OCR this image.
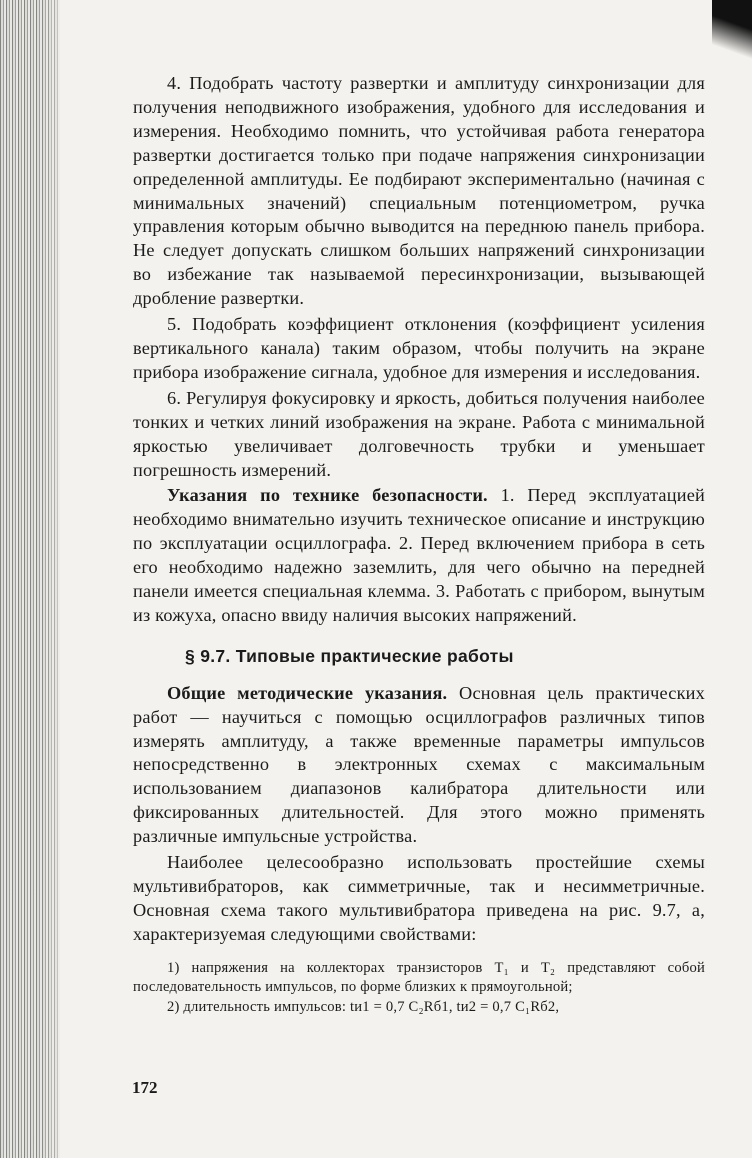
4. Подобрать частоту развертки и амплитуду синхронизации для получения неподвижного изображения, удобного для исследования и измерения. Необходимо помнить, что устойчивая работа генератора развертки достигается только при подаче напряжения синхронизации определенной амплитуды. Ее подбирают экспериментально (начиная с минимальных значений) специальным потенциометром, ручка управления которым обычно выводится на переднюю панель прибора. Не следует допускать слишком больших напряжений синхронизации во избежание так называемой пересинхронизации, вызывающей дробление развертки.

5. Подобрать коэффициент отклонения (коэффициент усиления вертикального канала) таким образом, чтобы получить на экране прибора изображение сигнала, удобное для измерения и исследования.

6. Регулируя фокусировку и яркость, добиться получения наиболее тонких и четких линий изображения на экране. Работа с минимальной яркостью увеличивает долговечность трубки и уменьшает погрешность измерений.

Указания по технике безопасности. 1. Перед эксплуатацией необходимо внимательно изучить техническое описание и инструкцию по эксплуатации осциллографа. 2. Перед включением прибора в сеть его необходимо надежно заземлить, для чего обычно на передней панели имеется специальная клемма. 3. Работать с прибором, вынутым из кожуха, опасно ввиду наличия высоких напряжений.

§ 9.7. Типовые практические работы

Общие методические указания. Основная цель практических работ — научиться с помощью осциллографов различных типов измерять амплитуду, а также временные параметры импульсов непосредственно в электронных схемах с максимальным использованием диапазонов калибратора длительности или фиксированных длительностей. Для этого можно применять различные импульсные устройства.

Наиболее целесообразно использовать простейшие схемы мультивибраторов, как симметричные, так и несимметричные. Основная схема такого мультивибратора приведена на рис. 9.7, а, характеризуемая следующими свойствами:

1) напряжения на коллекторах транзисторов T₁ и T₂ представляют собой последовательность импульсов, по форме близких к прямоугольной;

2) длительность импульсов: tи1 = 0,7 C₂Rб1, tи2 = 0,7 C₁Rб2,

172
